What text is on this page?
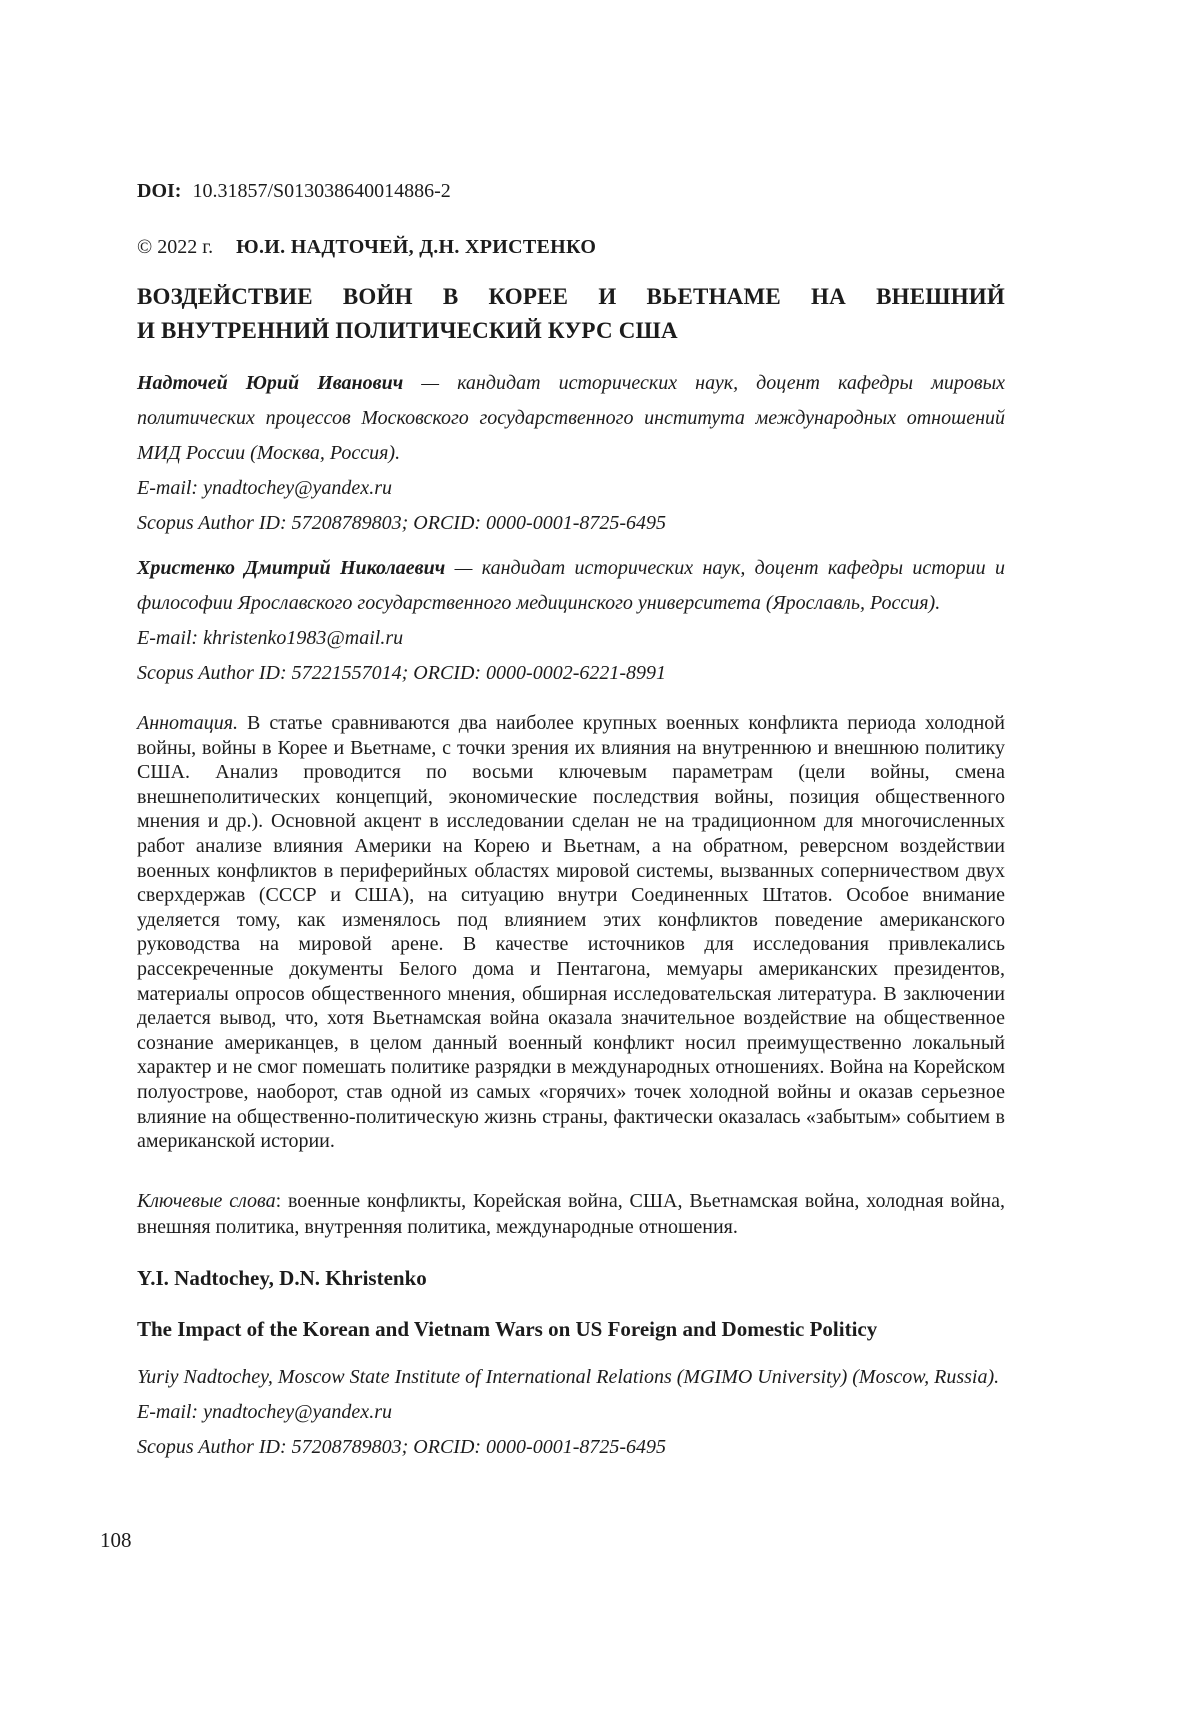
DOI: 10.31857/S013038640014886-2

© 2022 г. Ю.И. НАДТОЧЕЙ, Д.Н. ХРИСТЕНКО

ВОЗДЕЙСТВИЕ ВОЙН В КОРЕЕ И ВЬЕТНАМЕ НА ВНЕШНИЙ
И ВНУТРЕННИЙ ПОЛИТИЧЕСКИЙ КУРС США

Надточей Юрий Иванович — кандидат исторических наук, доцент кафедры мировых политических процессов Московского государственного института международных отношений МИД России (Москва, Россия).

E-mail: ynadtochey@yandex.ru

Scopus Author ID: 57208789803; ORCID: 0000-0001-8725-6495

Христенко Дмитрий Николаевич — кандидат исторических наук, доцент кафедры истории и философии Ярославского государственного медицинского университета (Ярославль, Россия).

E-mail: khristenko1983@mail.ru

Scopus Author ID: 57221557014; ORCID: 0000-0002-6221-8991

Аннотация. В статье сравниваются два наиболее крупных военных конфликта периода холодной войны, войны в Корее и Вьетнаме, с точки зрения их влияния на внутреннюю и внешнюю политику США. Анализ проводится по восьми ключевым параметрам (цели войны, смена внешнеполитических концепций, экономические последствия войны, позиция общественного мнения и др.). Основной акцент в исследовании сделан не на традиционном для многочисленных работ анализе влияния Америки на Корею и Вьетнам, а на обратном, реверсном воздействии военных конфликтов в периферийных областях мировой системы, вызванных соперничеством двух сверхдержав (СССР и США), на ситуацию внутри Соединенных Штатов. Особое внимание уделяется тому, как изменялось под влиянием этих конфликтов поведение американского руководства на мировой арене. В качестве источников для исследования привлекались рассекреченные документы Белого дома и Пентагона, мемуары американских президентов, материалы опросов общественного мнения, обширная исследовательская литература. В заключении делается вывод, что, хотя Вьетнамская война оказала значительное воздействие на общественное сознание американцев, в целом данный военный конфликт носил преимущественно локальный характер и не смог помешать политике разрядки в международных отношениях. Война на Корейском полуострове, наоборот, став одной из самых «горячих» точек холодной войны и оказав серьезное влияние на общественно-политическую жизнь страны, фактически оказалась «забытым» событием в американской истории.

Ключевые слова: военные конфликты, Корейская война, США, Вьетнамская война, холодная война, внешняя политика, внутренняя политика, международные отношения.

Y.I. Nadtochey, D.N. Khristenko

The Impact of the Korean and Vietnam Wars on US Foreign and Domestic Politicy

Yuriy Nadtochey, Moscow State Institute of International Relations (MGIMO University) (Moscow, Russia).

E-mail: ynadtochey@yandex.ru

Scopus Author ID: 57208789803; ORCID: 0000-0001-8725-6495

108
